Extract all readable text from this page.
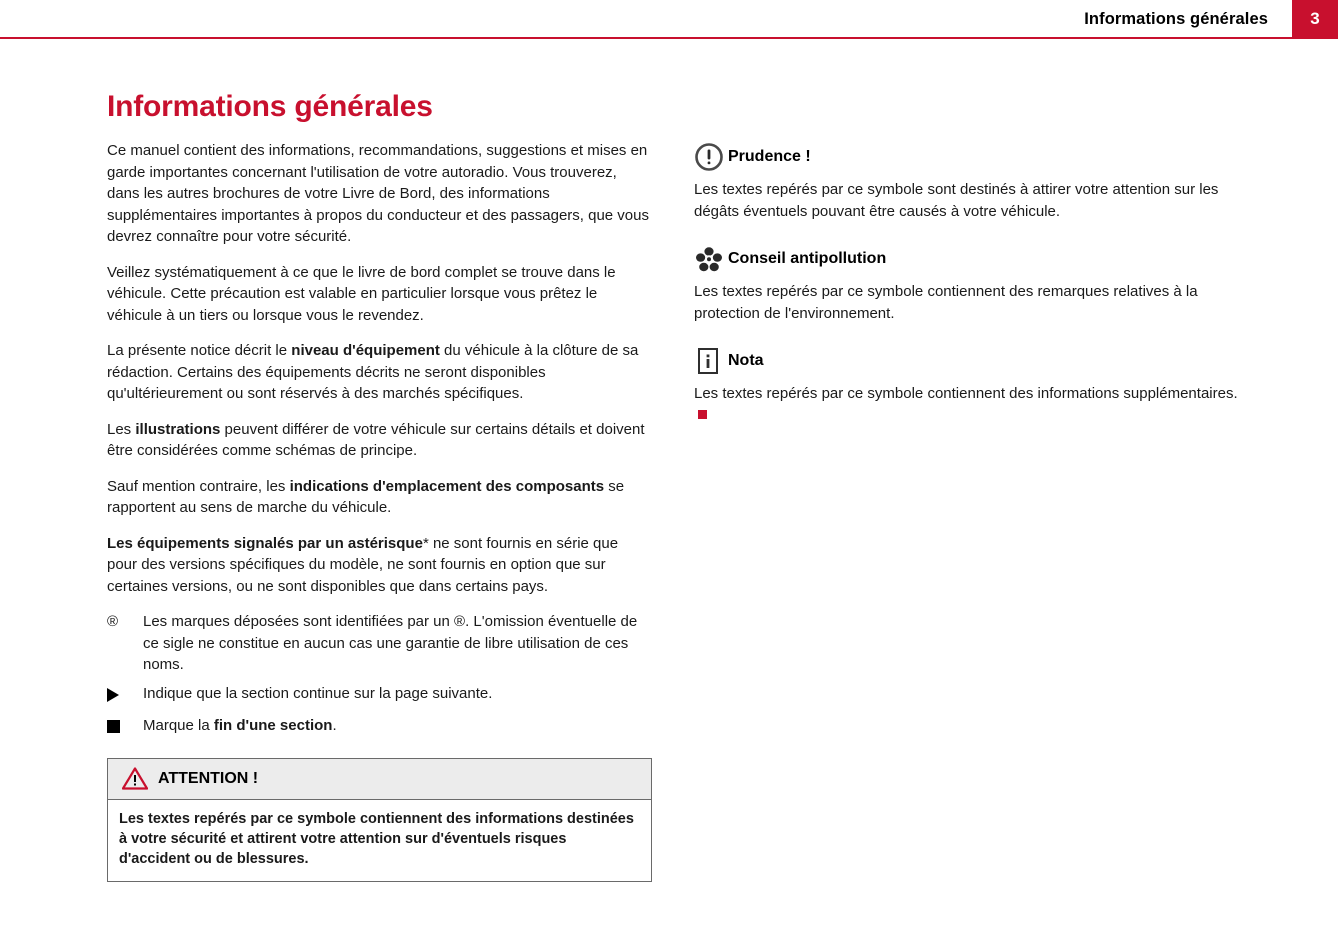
Informations générales	3
Informations générales

Ce manuel contient des informations, recommandations, suggestions et mises en garde importantes concernant l'utilisation de votre autoradio. Vous trouverez, dans les autres brochures de votre Livre de Bord, des informations supplémentaires importantes à propos du conducteur et des passagers, que vous devrez connaître pour votre sécurité.

Veillez systématiquement à ce que le livre de bord complet se trouve dans le véhicule. Cette précaution est valable en particulier lorsque vous prêtez le véhicule à un tiers ou lorsque vous le revendez.

La présente notice décrit le niveau d'équipement du véhicule à la clôture de sa rédaction. Certains des équipements décrits ne seront disponibles qu'ultérieurement ou sont réservés à des marchés spécifiques.

Les illustrations peuvent différer de votre véhicule sur certains détails et doivent être considérées comme schémas de principe.

Sauf mention contraire, les indications d'emplacement des composants se rapportent au sens de marche du véhicule.

Les équipements signalés par un astérisque* ne sont fournis en série que pour des versions spécifiques du modèle, ne sont fournis en option que sur certaines versions, ou ne sont disponibles que dans certains pays.

®	Les marques déposées sont identifiées par un ®. L'omission éventuelle de ce sigle ne constitue en aucun cas une garantie de libre utilisation de ces noms.
Indique que la section continue sur la page suivante.
Marque la fin d'une section.
ATTENTION !
Les textes repérés par ce symbole contiennent des informations destinées à votre sécurité et attirent votre attention sur d'éventuels risques d'accident ou de blessures.
Prudence !

Les textes repérés par ce symbole sont destinés à attirer votre attention sur les dégâts éventuels pouvant être causés à votre véhicule.

Conseil antipollution

Les textes repérés par ce symbole contiennent des remarques relatives à la protection de l'environnement.

Nota

Les textes repérés par ce symbole contiennent des informations supplémentaires.
